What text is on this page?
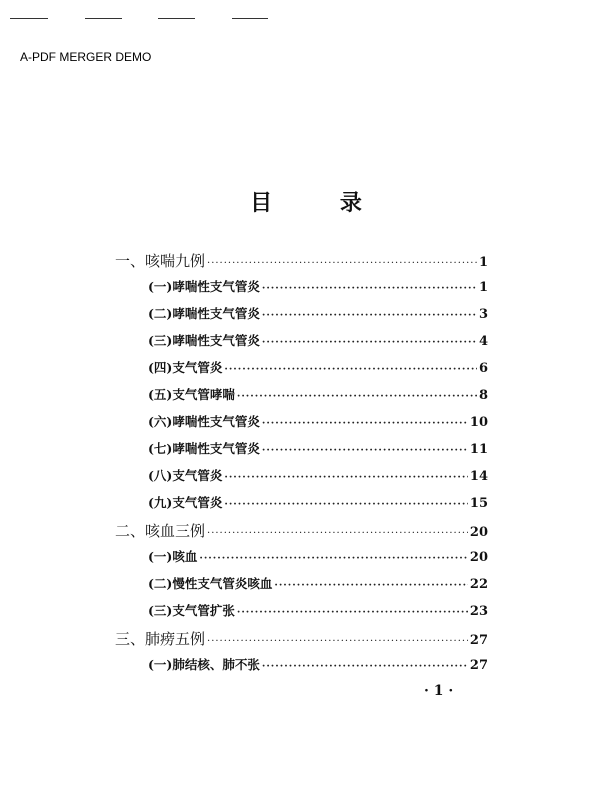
A-PDF MERGER DEMO
目 录
一、咳喘九例 ·····	1
(一)哮喘性支气管炎 ·····	1
(二)哮喘性支气管炎 ·····	3
(三)哮喘性支气管炎 ·····	4
(四)支气管炎 ·····	6
(五)支气管哮喘 ·····	8
(六)哮喘性支气管炎 ·····	10
(七)哮喘性支气管炎 ·····	11
(八)支气管炎 ·····	14
(九)支气管炎 ·····	15
二、咳血三例 ·····	20
(一)咳血 ·····	20
(二)慢性支气管炎咳血 ·····	22
(三)支气管扩张 ·····	23
三、肺痨五例 ·····	27
(一)肺结核、肺不张 ·····	27
· 1 ·
